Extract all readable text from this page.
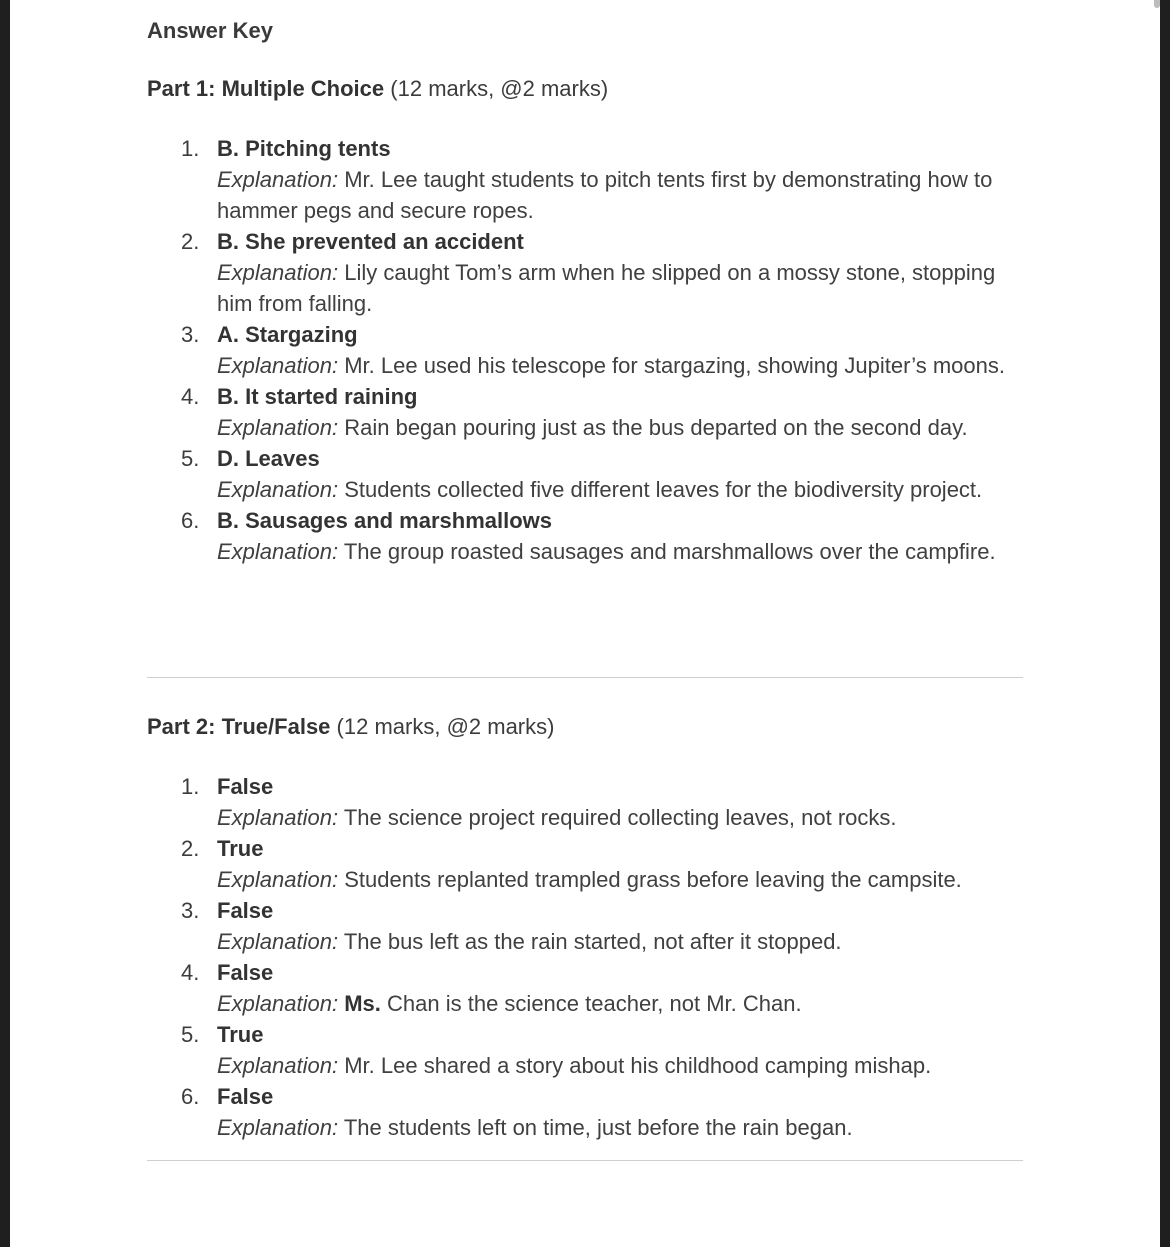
Answer Key

Part 1: Multiple Choice (12 marks, @2 marks)

1. B. Pitching tents
Explanation: Mr. Lee taught students to pitch tents first by demonstrating how to hammer pegs and secure ropes.
2. B. She prevented an accident
Explanation: Lily caught Tom’s arm when he slipped on a mossy stone, stopping him from falling.
3. A. Stargazing
Explanation: Mr. Lee used his telescope for stargazing, showing Jupiter’s moons.
4. B. It started raining
Explanation: Rain began pouring just as the bus departed on the second day.
5. D. Leaves
Explanation: Students collected five different leaves for the biodiversity project.
6. B. Sausages and marshmallows
Explanation: The group roasted sausages and marshmallows over the campfire.

Part 2: True/False (12 marks, @2 marks)

1. False
Explanation: The science project required collecting leaves, not rocks.
2. True
Explanation: Students replanted trampled grass before leaving the campsite.
3. False
Explanation: The bus left as the rain started, not after it stopped.
4. False
Explanation: Ms. Chan is the science teacher, not Mr. Chan.
5. True
Explanation: Mr. Lee shared a story about his childhood camping mishap.
6. False
Explanation: The students left on time, just before the rain began.
